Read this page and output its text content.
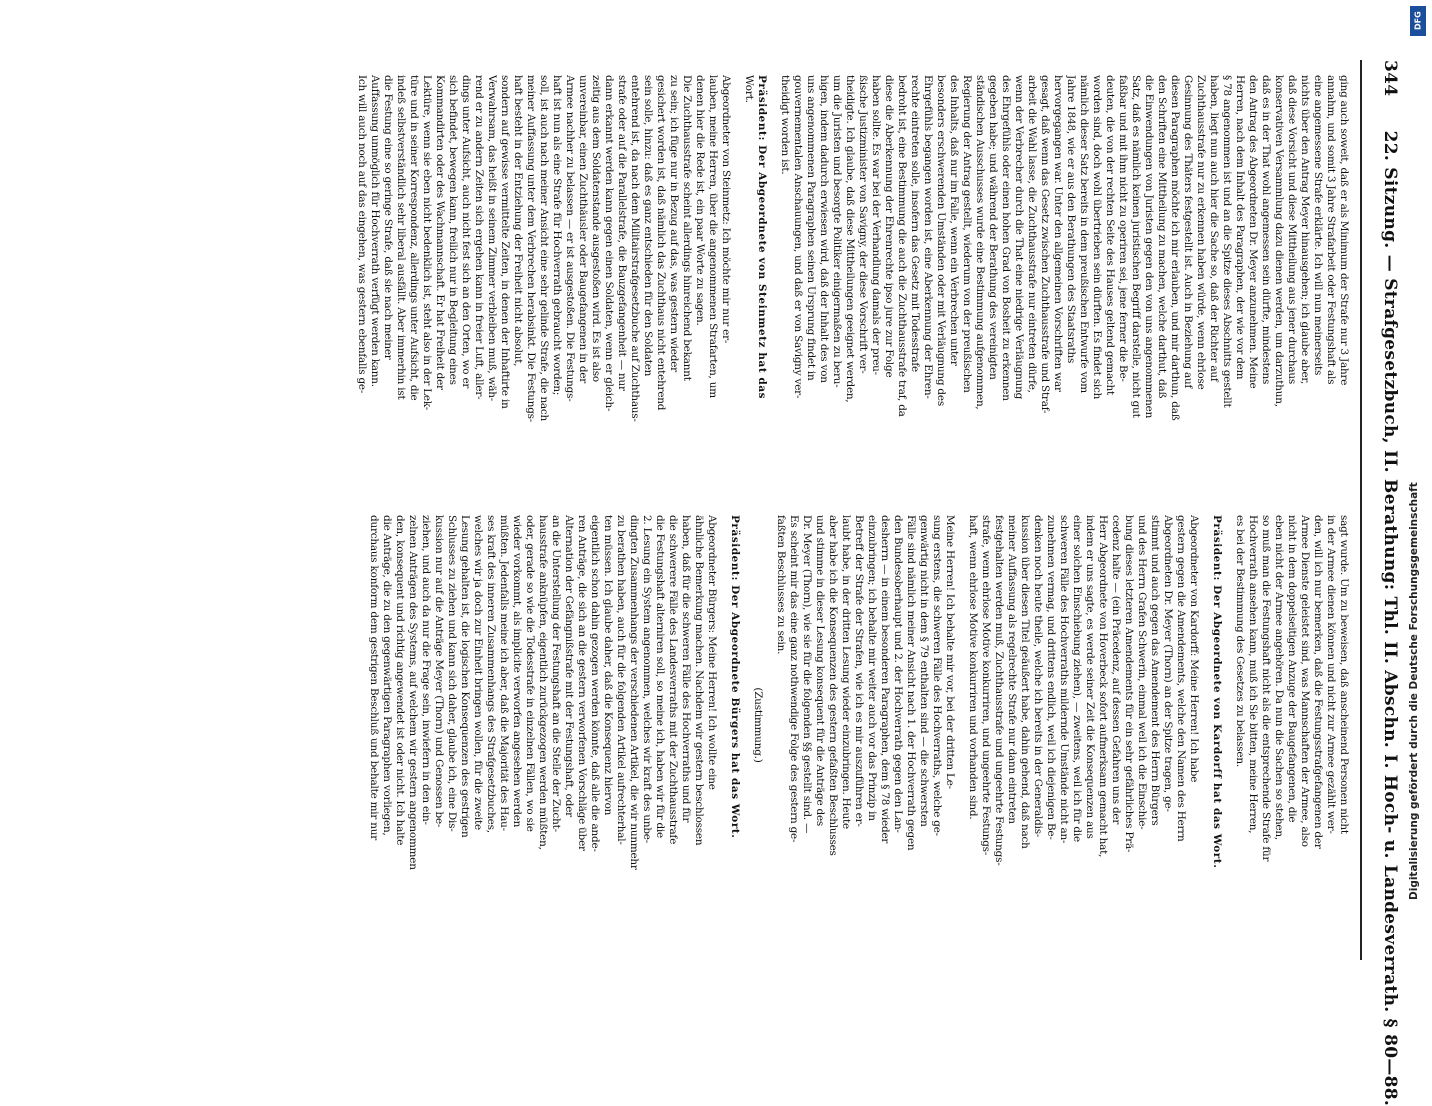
344 22. Sitzung. — Strafgesetzbuch, II. Berathung: Thl. II. Abschn. I. Hoch- u. Landesverrath. § 80—88.
ging auch soweit, daß er als Minimum der Strafe nur 3 Jahre
annahm, und somit 3 Jahre Strafarbeit oder Festungshaft als
eine angemessene Strafe erklärte. Ich will nun meinerseits
nichts über den Antrag Meyer hinausgehen; ich glaube aber,
daß diese Vorsicht und diese Mittheilung aus jener durchaus
konservativen Versammlung dazu dienen werden, um darzuthun,
daß es in der That wohl angemessen sein dürfte, mindestens
den Antrag des Abgeordneten Dr. Meyer anzunehmen. Meine
Herren, nach dem Inhalt des Paragraphen, der wie vor dem
§ 78 angenommen ist und an die Spitze dieses Abschnitts gestellt
haben, liegt nun auch hier die Sache so, daß der Richter auf
Zuchthausstrafe nur zu erkennen haben würde, wenn ehrlose
Gesinnung des Thäters festgestellt ist. Auch in Beziehung auf
diesen Paragraphen möchte ich mir erlauben, und mir darthun, daß
den Schriften eine Mittheilung zu machen, welche darthut, daß
die Einwendungen von Juristen gegen den von uns angenommenen
Satz, daß es nämlich keinen juristischen Begriff darstelle, nicht gut
faßbar und mit ihm nicht zu operiren sei, jene ferner die Be-
deuten, die von der rechten Seite des Hauses geltend gemacht
worden sind, doch wohl übertrieben sein dürften. Es findet sich
nämlich dieser Satz bereits in dem preußischen Entwurfe vom
Jahre 1848, wie er aus den Berathungen des Staatsraths
hervorgegangen war. Unter den allgemeinen Vorschriften war
gesagt, daß wenn das Gesetz zwischen Zuchthausstrafe und Straf-
arbeit die Wahl lasse, die Zuchthausstrafe nur eintreten dürfe,
wenn der Verbrecher durch die That eine niedrige Verläugnung
des Ehrgefühls oder einen hohen Grad von Bosheit zu erkennen
gegeben habe; und während der Berathung des vereinigten
ständischen Ausschusses wurde eine Bestimmung aufgenommen,
Regierung der Antrag gestellt, wiederum von der preußischen
des Inhalts, daß nur im Falle, wenn ein Verbrechen unter
besonders erschwerenden Umständen oder mit Verläugnung des
Ehrgefühls begangen worden ist, eine Aberkennung der Ehren-
rechte eintreten solle, insofern das Gesetz mit Todesstrafe
bedroht ist, eine Bestimmung die auch die Zuchthausstrafe traf, da
diese die Aberkennung der Ehrenrechte ipso jure zur Folge
haben sollte. Es war bei der Verhandlung damals der preu-
ßische Justizminister von Savigny, der diese Vorschrift ver-
theidigte. Ich glaube, daß diese Mittheilungen geeignet werden,
um die Juristen und besorgte Politiker einigermaßen zu beru-
higen, indem dadurch erwiesen wird, daß der Inhalt des von
uns angenommenen Paragraphen seinen Ursprung findet in
gouvernementalen Anschauungen, und daß er von Savigny ver-
theidigt worden ist.
Präsident: Der Abgeordnete von Steinmetz hat das
Wort.
Abgeordneter von Steinmetz: Ich möchte mir nur er-
lauben, meine Herren, über die angenommenen Strafarten, um
denen hier die Rede ist, ein paar Worte zu sagen.
Die Zuchthausstrafe scheint allerdings hinreichend bekannt
zu sein; ich füge nur in Bezug auf das, was gestern wieder
gesichert worden ist, daß nämlich das Zuchthaus nicht entehrend
sein solle, hinzu: daß es ganz entschieden für den Soldaten
entehrend ist, da nach dem Militairstrafgesetzbuche auf Zuchthaus-
strafe oder auf die Parallelstrafe, die Bauzgefangenheit — nur
dann erkannt werden kann gegen einen Soldaten, wenn er gleich-
zeitig aus dem Soldatenstande ausgestoßen wird. Es ist also
unvereinbar, einen Zuchthäusler oder Baugefangenen in der
Armee nachher zu belassen — er ist ausgestoßen. Die Festungs-
haft ist nun als eine Strafe für Hochverrath gebraucht worden;
soll, ist auch nach meiner Ansicht eine sehr gelinde Strafe, die nach
meiner Auffassung unter dem Verbrechen herabsinkt. Die Festungs-
haft besteht in der Entziehung der Freiheit nicht absolut,
sondern auf gewisse vermittelte Zeiten, in denen der Inhaftirte in
Verwahrsam, das heißt in seinem Zimmer verbleiben muß, wäh-
rend er zu andern Zeiten sich ergehen kann in freier Luft, aller-
dings unter Aufsicht, auch nicht fest sich an den Orten, wo er
sich befindet, bewegen kann, freilich nur in Begleitung eines
Kommandirten oder des Wachmannschaft. Er hat Freiheit der
Lektüre, wenn sie eben nicht bedenklich ist, steht also in der Lek-
türe und in seiner Korrespondenz, allerdings unter Aufsicht, die
indeß selbstverständlich sehr liberal ausfällt. Aber immerhin ist
die Festung eine so geringe Strafe, daß sie nach meiner
Auffassung unmöglich für Hochverrath verfügt werden kann.
Ich will auch noch auf das eingehen, was gestern ebenfalls ge-
sagt wurde. Um zu beweisen, daß anscheinend Personen nicht
in der Armee dienen können und nicht zur Armee gezählt wer-
den, will ich nur bemerken, daß die Festungsstrafgefangenen der
Armee Dienste geleistet sind, was Mannschaften der Armee, also
nicht in dem doppelseitigen Anzuge der Baugefangenen, die
eben nicht der Armee angehören. Da nun die Sachen so stehen,
so muß man die Festungshaft nicht als die entsprechende Strafe für
Hochverrath ansehen kann, muß ich Sie bitten, meine Herren,
es bei der Bestimmung des Gesetzes zu belassen.
Präsident: Der Abgeordnete von Kardorff hat das Wort.
Abgeordneter von Kardorff: Meine Herren! Ich habe
gestern gegen die Amendements, welche den Namen des Herrn
Abgeordneten Dr. Meyer (Thorn) an der Spitze tragen, ge-
stimmt und auch gegen das Amendement des Herrn Bürgers
und des Herrn Grafen Schwerin, einmal weil ich die Einschie-
bung dieses letzteren Amendements für ein sehr gefährliches Prä-
cedenz halte — (ein Präcedenz, auf dessen Gefahren uns der
Herr Abgeordnete von Hoverbeck sofort aufmerksam gemacht hat,
indem er uns sagte, es werde seiner Zeit die Konsequenzen aus
einer solchen Einschiebung ziehen), — zweitens, weil ich für die
schweren Fälle des Hochverraths mildernde Umstände nicht an-
zunehmen vermag, und drittens endlich, weil ich diejenigen Be-
denken noch heute theile, welche ich bereits in der Generaldis-
kussion über diesen Titel geäußert habe, dahin gehend, daß nach
meiner Auffassung als regelrechte Strafe nur dann eintreten
festgehalten werden muß, Zuchthausstrafe und ungeehrte Festungs-
strafe, wenn ehrlose Motive konkurriren, und ungeehrte Festungs-
haft, wenn ehrlose Motive konkurriren und vorhanden sind.
Meine Herren! Ich behalte mir vor, bei der dritten Le-
sung erstens, die schweren Fälle des Hochverraths, welche ge-
genwärtig nicht in dem § 79 enthalten sind — die schwersten
Fälle sind nämlich meiner Ansicht nach 1. der Hochverrath gegen
den Bundesoberhaupt und 2. der Hochverrath gegen den Lan-
desherrn — in einem besonderen Paragraphen, dem § 78 wieder
einzubringen; ich behalte mir weiter auch vor das Prinzip in
Betreff der Strafe der Strafen, wie ich es mir auszuführen er-
laubt habe, in der dritten Lesung wieder einzubringen. Heute
aber habe ich die Konsequenzen des gestern gefaßten Beschlusses
und stimme in dieser Lesung konsequent für die Anträge des
Dr. Meyer (Thorn), wie sie für die folgenden §§ gestellt sind. —
Es scheint mir das eine ganz nothwendige Folge des gestern ge-
faßten Beschlusses zu sein.
(Zustimmung.)
Präsident: Der Abgeordnete Bürgers hat das Wort.
Abgeordneter Bürgers: Meine Herren! Ich wollte eine
ähnliche Bemerkung machen. Nachdem wir gestern beschlossen
haben, daß für die schweren Fälle des Hochverraths und für
die schwerere Fälle des Landesverraths mit der Zuchthausstrafe
die Festungshaft alterniren soll, so meine ich, haben wir für die
2. Lesung ein System angenommen, welches wir kraft des unbe-
dingten Zusammenhangs der verschiedenen Artikel, die wir nunmehr
zu berathen haben, auch für die folgenden Artikel aufrechterhal-
ten müssen. Ich glaube daher, daß die Konsequenz hiervon
eigentlich schon dahin gezogen werden könnte, daß alle die ande-
ren Anträge, die sich an die gestern verworfenen Vorschläge über
Alternation der Gefängnißstrafe mit der Festungshaft, oder
an die Unterstellung der Festungshaft an die Stelle der Zucht-
hausstrafe anknüpfen, eigentlich zurückgezogen werden müßten,
oder, gerade so wie die Todesstrafe in einzelnen Fällen, wo sie
wieder vorkommt, als implicite verworfen angesehen werden
müßten. Jedenfalls meine ich aber, daß die Majorität des Hau-
ses kraft des inneren Zusammenhangs des Strafgesetzbuches,
welches wir ja doch zur Einheit bringen wollen, für die zweite
Lesung gehalten ist, die logischen Konsequenzen des gestrigen
Schlusses zu ziehen und kann sich daher, glaube ich, eine Dis-
kussion nur auf die Anträge Meyer (Thorn) und Genossen be-
ziehen, und auch da nur die Frage sein, inwiefern in den ein-
zelnen Anträgen des Systems, auf welchem wir gestern angenommen
den, konsequent und richtig angewendet ist oder nicht. Ich halte
die Anträge, die zu den gegenwärtigen Paragraphen vorliegen,
durchaus konform dem gestrigen Beschluß und behalte mir nur	Digitalisierung gefördert durch die Deutsche Forschungsgemeinschaft
DFG
